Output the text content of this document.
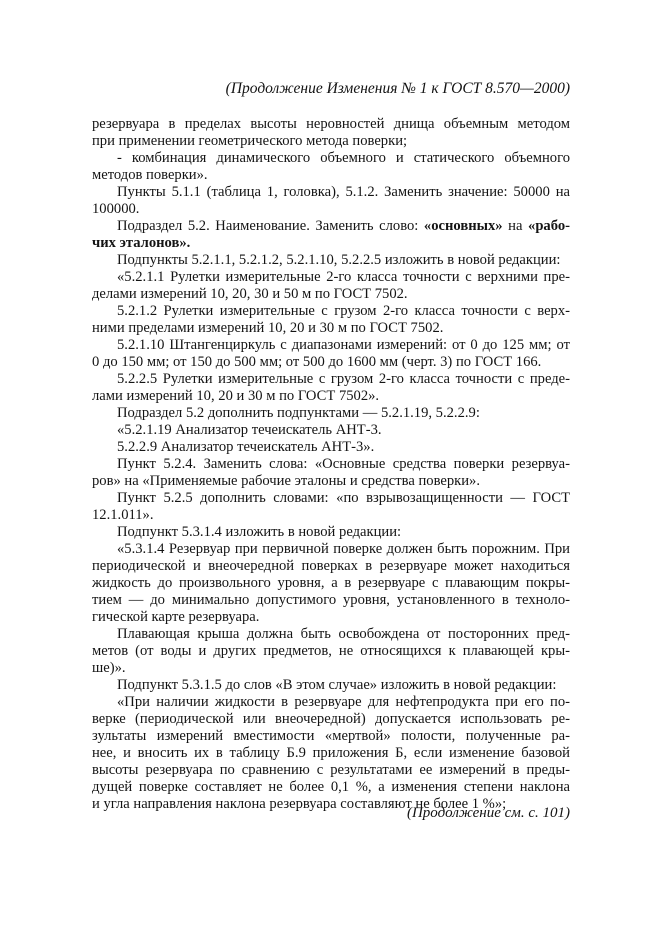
(Продолжение Изменения № 1 к ГОСТ 8.570—2000)

резервуара в пределах высоты неровностей днища объемным методом
при применении геометрического метода поверки;

- комбинация динамического объемного и статического объемного
методов поверки».

Пункты 5.1.1 (таблица 1, головка), 5.1.2. Заменить значение: 50000 на
100000.

Подраздел 5.2. Наименование. Заменить слово: «основных» на «рабо-
чих эталонов».

Подпункты 5.2.1.1, 5.2.1.2, 5.2.1.10, 5.2.2.5 изложить в новой редакции:

«5.2.1.1 Рулетки измерительные 2-го класса точности с верхними пре-
делами измерений 10, 20, 30 и 50 м по ГОСТ 7502.

5.2.1.2 Рулетки измерительные с грузом 2-го класса точности с верх-
ними пределами измерений 10, 20 и 30 м по ГОСТ 7502.

5.2.1.10 Штангенциркуль с диапазонами измерений: от 0 до 125 мм; от
0 до 150 мм; от 150 до 500 мм; от 500 до 1600 мм (черт. 3) по ГОСТ 166.

5.2.2.5 Рулетки измерительные с грузом 2-го класса точности с преде-
лами измерений 10, 20 и 30 м по ГОСТ 7502».

Подраздел 5.2 дополнить подпунктами — 5.2.1.19, 5.2.2.9:

«5.2.1.19 Анализатор течеискатель АНТ-3.

5.2.2.9 Анализатор течеискатель АНТ-3».

Пункт 5.2.4. Заменить слова: «Основные средства поверки резервуа-
ров» на «Применяемые рабочие эталоны и средства поверки».

Пункт 5.2.5 дополнить словами: «по взрывозащищенности — ГОСТ
12.1.011».

Подпункт 5.3.1.4 изложить в новой редакции:

«5.3.1.4 Резервуар при первичной поверке должен быть порожним. При
периодической и внеочередной поверках в резервуаре может находиться
жидкость до произвольного уровня, а в резервуаре с плавающим покры-
тием — до минимально допустимого уровня, установленного в техноло-
гической карте резервуара.

Плавающая крыша должна быть освобождена от посторонних пред-
метов (от воды и других предметов, не относящихся к плавающей кры-
ше)».

Подпункт 5.3.1.5 до слов «В этом случае» изложить в новой редакции:

«При наличии жидкости в резервуаре для нефтепродукта при его по-
верке (периодической или внеочередной) допускается использовать ре-
зультаты измерений вместимости «мертвой» полости, полученные ра-
нее, и вносить их в таблицу Б.9 приложения Б, если изменение базовой
высоты резервуара по сравнению с результатами ее измерений в преды-
дущей поверке составляет не более 0,1 %, а изменения степени наклона
и угла направления наклона резервуара составляют не более 1 %»;

(Продолжение см. с. 101)
